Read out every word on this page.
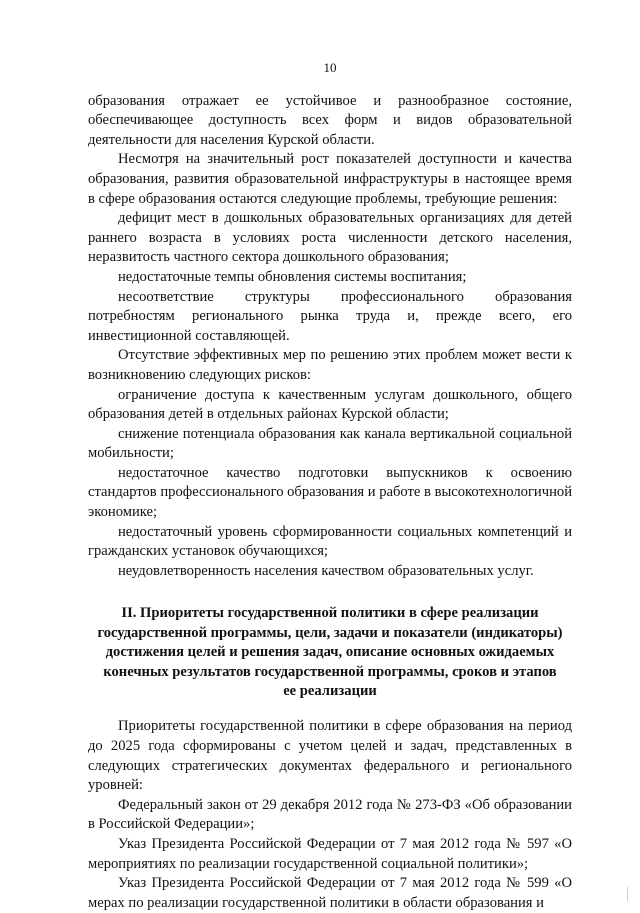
10

образования отражает ее устойчивое и разнообразное состояние, обеспечивающее доступность всех форм и видов образовательной деятельности для населения Курской области.

Несмотря на значительный рост показателей доступности и качества образования, развития образовательной инфраструктуры в настоящее время в сфере образования остаются следующие проблемы, требующие решения:

дефицит мест в дошкольных образовательных организациях для детей раннего возраста в условиях роста численности детского населения, неразвитость частного сектора дошкольного образования;

недостаточные темпы обновления системы воспитания;

несоответствие структуры профессионального образования потребностям регионального рынка труда и, прежде всего, его инвестиционной составляющей.

Отсутствие эффективных мер по решению этих проблем может вести к возникновению следующих рисков:

ограничение доступа к качественным услугам дошкольного, общего образования детей в отдельных районах Курской области;

снижение потенциала образования как канала вертикальной социальной мобильности;

недостаточное качество подготовки выпускников к освоению стандартов профессионального образования и работе в высокотехнологичной экономике;

недостаточный уровень сформированности социальных компетенций и гражданских установок обучающихся;

неудовлетворенность населения качеством образовательных услуг.

II. Приоритеты государственной политики в сфере реализации государственной программы, цели, задачи и показатели (индикаторы) достижения целей и решения задач, описание основных ожидаемых конечных результатов государственной программы, сроков и этапов ее реализации

Приоритеты государственной политики в сфере образования на период до 2025 года сформированы с учетом целей и задач, представленных в следующих стратегических документах федерального и регионального уровней:

Федеральный закон от 29 декабря 2012 года № 273-ФЗ «Об образовании в Российской Федерации»;

Указ Президента Российской Федерации от 7 мая 2012 года № 597 «О мероприятиях по реализации государственной социальной политики»;

Указ Президента Российской Федерации от 7 мая 2012 года № 599 «О мерах по реализации государственной политики в области образования и
